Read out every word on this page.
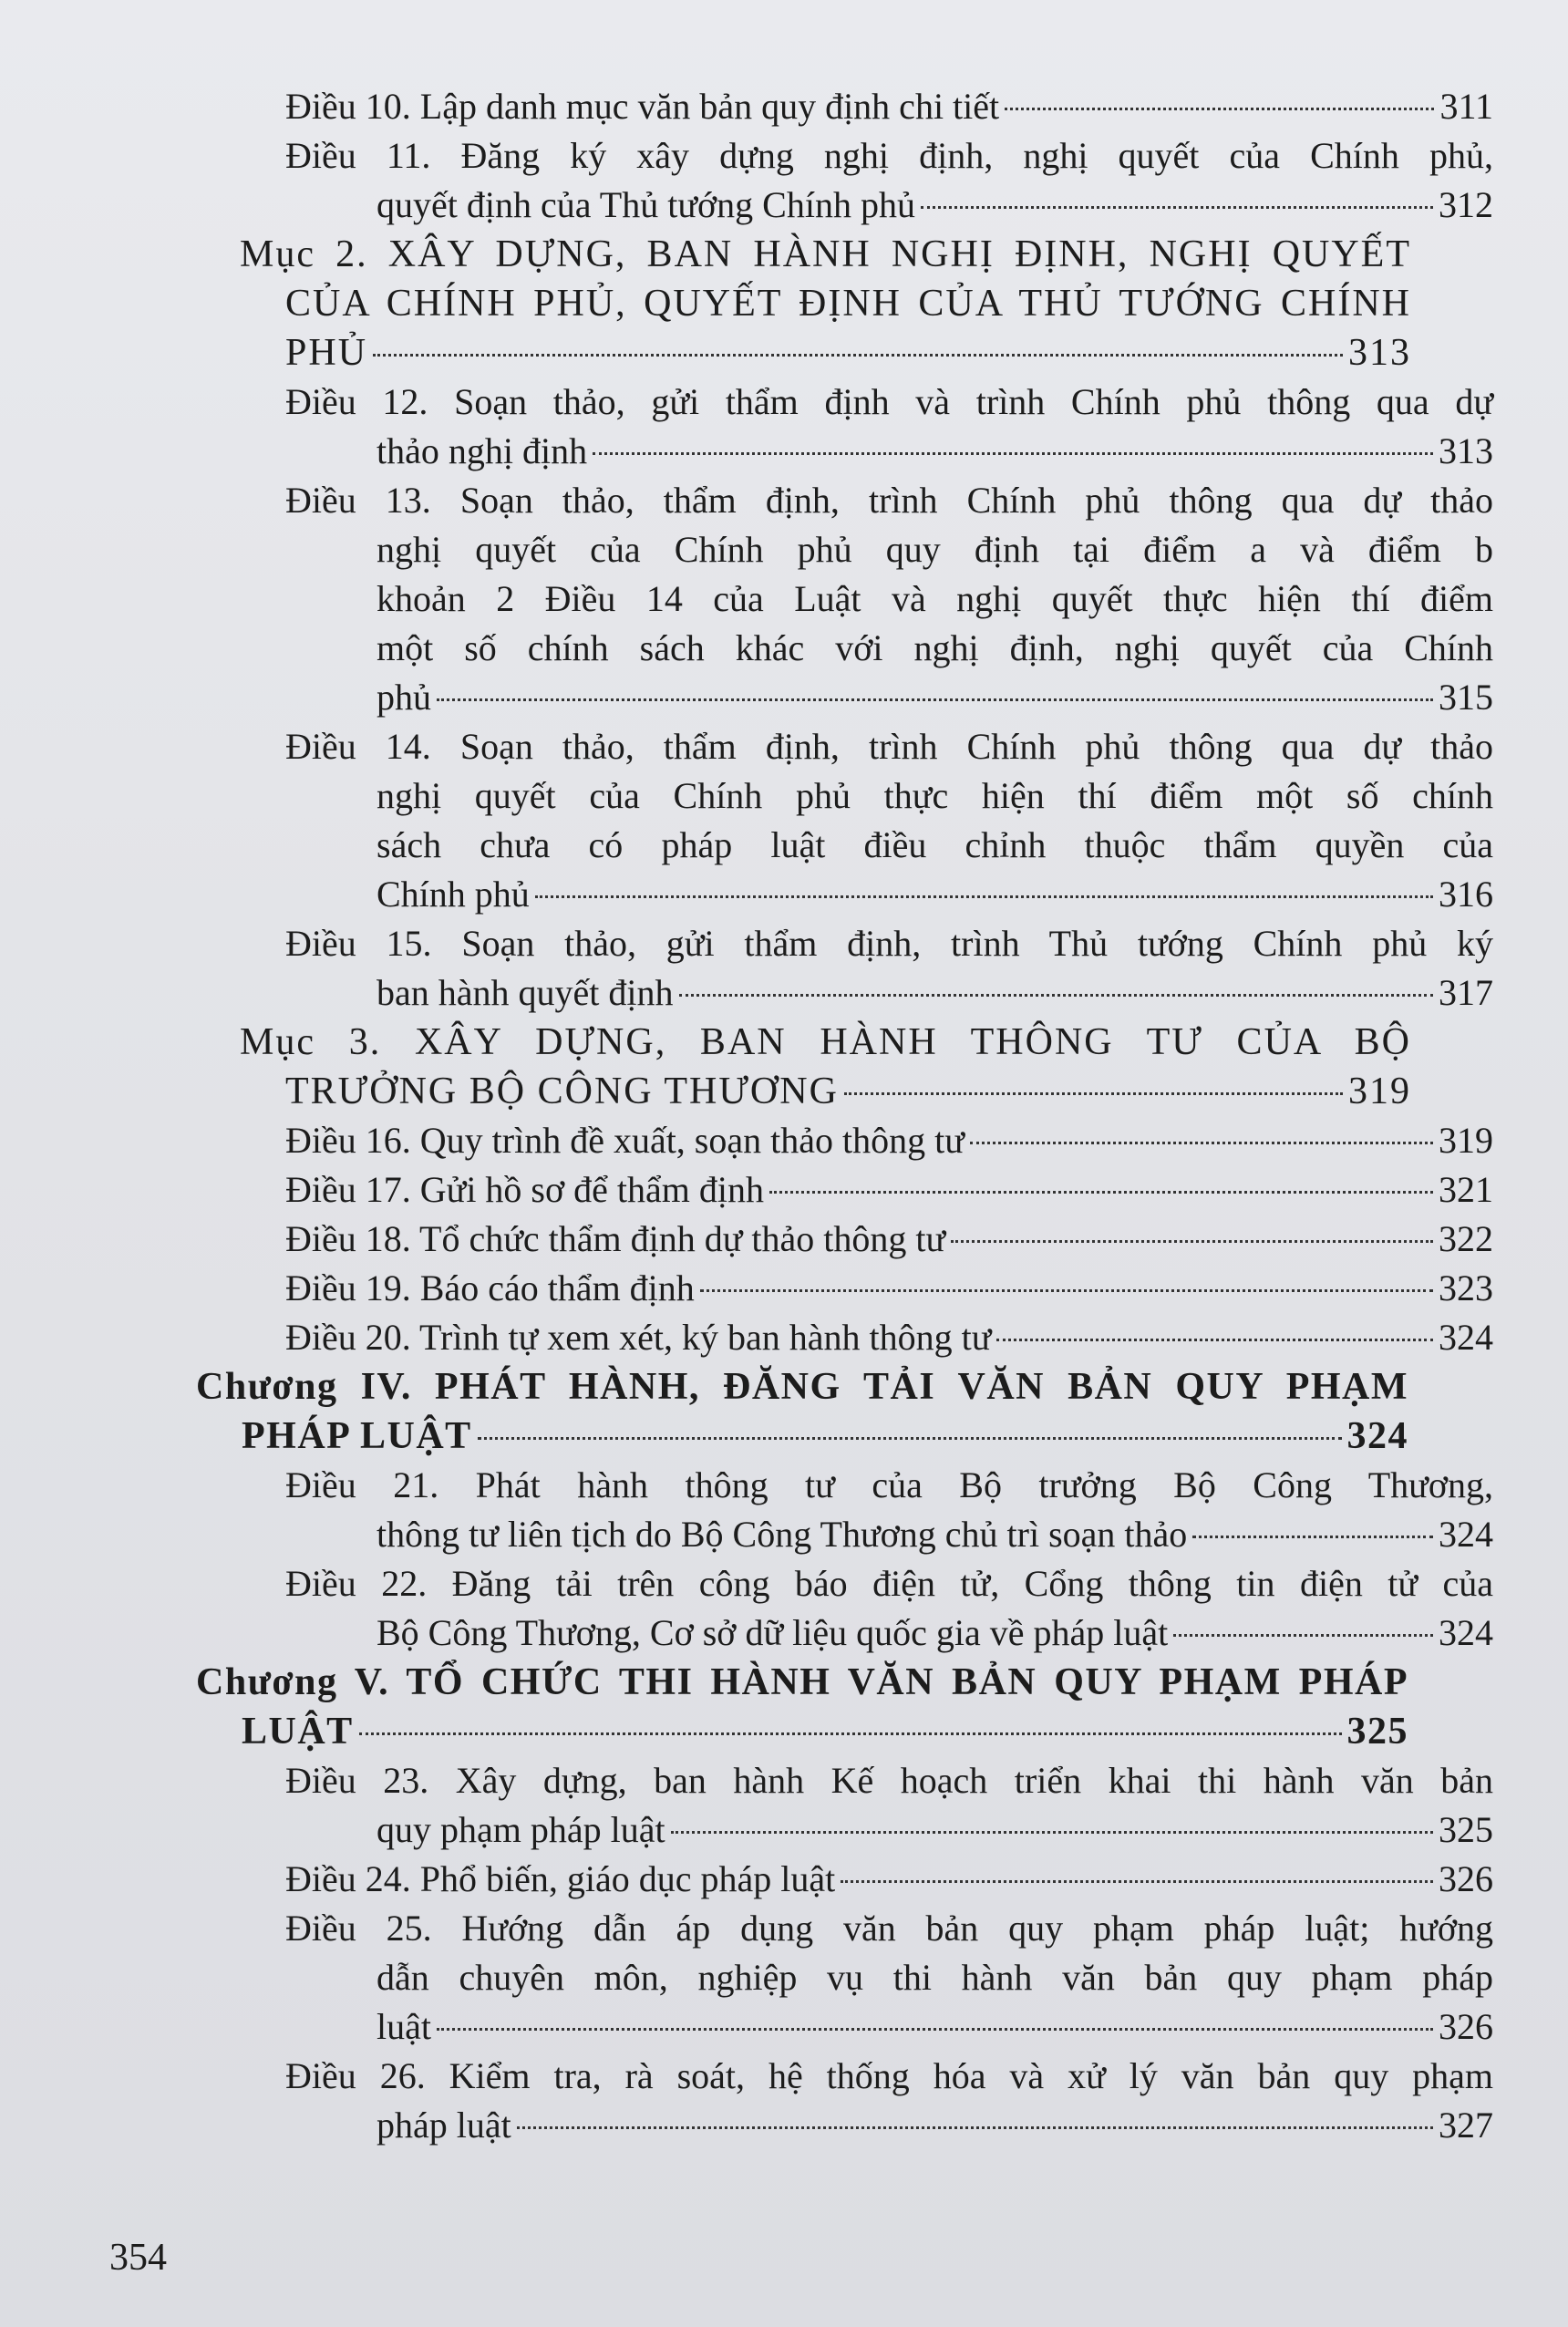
Điều 10. Lập danh mục văn bản quy định chi tiết	311
Điều 11. Đăng ký xây dựng nghị định, nghị quyết của Chính phủ,
quyết định của Thủ tướng Chính phủ	312
Mục 2. XÂY DỰNG, BAN HÀNH NGHỊ ĐỊNH, NGHỊ QUYẾT
CỦA CHÍNH PHỦ, QUYẾT ĐỊNH CỦA THỦ TƯỚNG CHÍNH
PHỦ	313
Điều 12. Soạn thảo, gửi thẩm định và trình Chính phủ thông qua dự
thảo nghị định	313
Điều 13. Soạn thảo, thẩm định, trình Chính phủ thông qua dự thảo
nghị quyết của Chính phủ quy định tại điểm a và điểm b
khoản 2 Điều 14 của Luật và nghị quyết thực hiện thí điểm
một số chính sách khác với nghị định, nghị quyết của Chính
phủ	315
Điều 14. Soạn thảo, thẩm định, trình Chính phủ thông qua dự thảo
nghị quyết của Chính phủ thực hiện thí điểm một số chính
sách chưa có pháp luật điều chỉnh thuộc thẩm quyền của
Chính phủ	316
Điều 15. Soạn thảo, gửi thẩm định, trình Thủ tướng Chính phủ ký
ban hành quyết định	317
Mục 3. XÂY DỰNG, BAN HÀNH THÔNG TƯ CỦA BỘ
TRƯỞNG BỘ CÔNG THƯƠNG	319
Điều 16. Quy trình đề xuất, soạn thảo thông tư	319
Điều 17. Gửi hồ sơ để thẩm định	321
Điều 18. Tổ chức thẩm định dự thảo thông tư	322
Điều 19. Báo cáo thẩm định	323
Điều 20. Trình tự xem xét, ký ban hành thông tư	324
Chương IV. PHÁT HÀNH, ĐĂNG TẢI VĂN BẢN QUY PHẠM
PHÁP LUẬT	324
Điều 21. Phát hành thông tư của Bộ trưởng Bộ Công Thương,
thông tư liên tịch do Bộ Công Thương chủ trì soạn thảo	324
Điều 22. Đăng tải trên công báo điện tử, Cổng thông tin điện tử của
Bộ Công Thương, Cơ sở dữ liệu quốc gia về pháp luật	324
Chương V. TỔ CHỨC THI HÀNH VĂN BẢN QUY PHẠM PHÁP
LUẬT	325
Điều 23. Xây dựng, ban hành Kế hoạch triển khai thi hành văn bản
quy phạm pháp luật	325
Điều 24. Phổ biến, giáo dục pháp luật	326
Điều 25. Hướng dẫn áp dụng văn bản quy phạm pháp luật; hướng
dẫn chuyên môn, nghiệp vụ thi hành văn bản quy phạm pháp
luật	326
Điều 26. Kiểm tra, rà soát, hệ thống hóa và xử lý văn bản quy phạm
pháp luật	327
354
